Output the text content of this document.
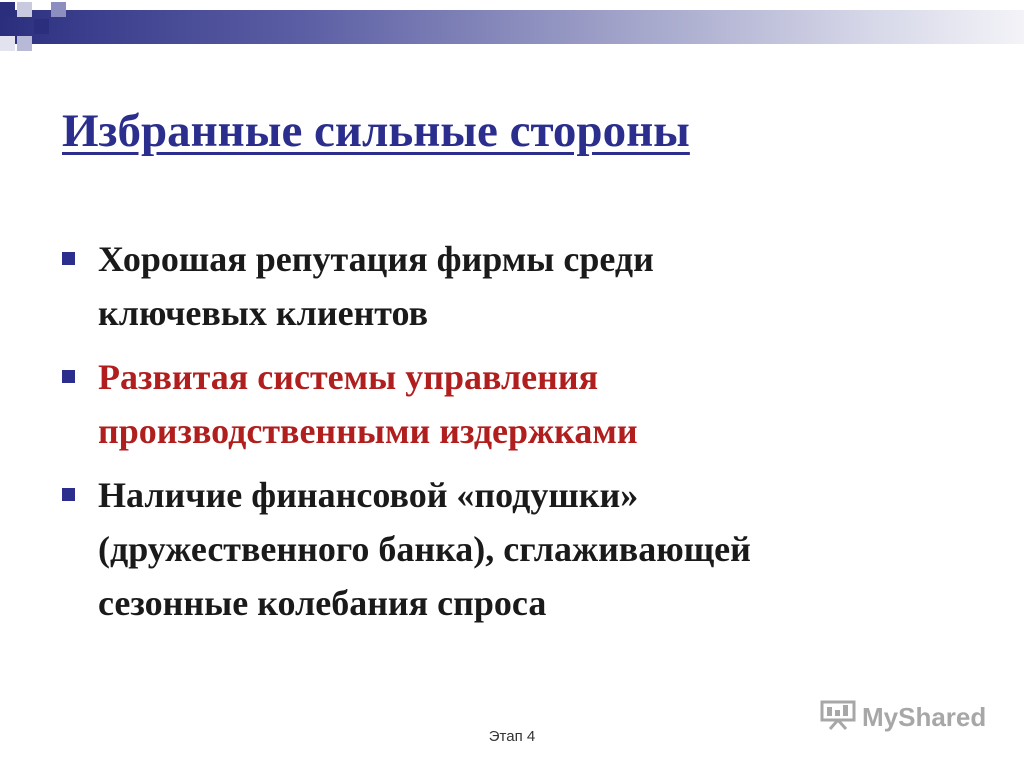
Избранные сильные стороны
Хорошая репутация фирмы среди
ключевых клиентов
Развитая системы управления
производственными издержками
Наличие финансовой «подушки»
(дружественного банка), сглаживающей
сезонные колебания спроса
Этап 4
MyShared
